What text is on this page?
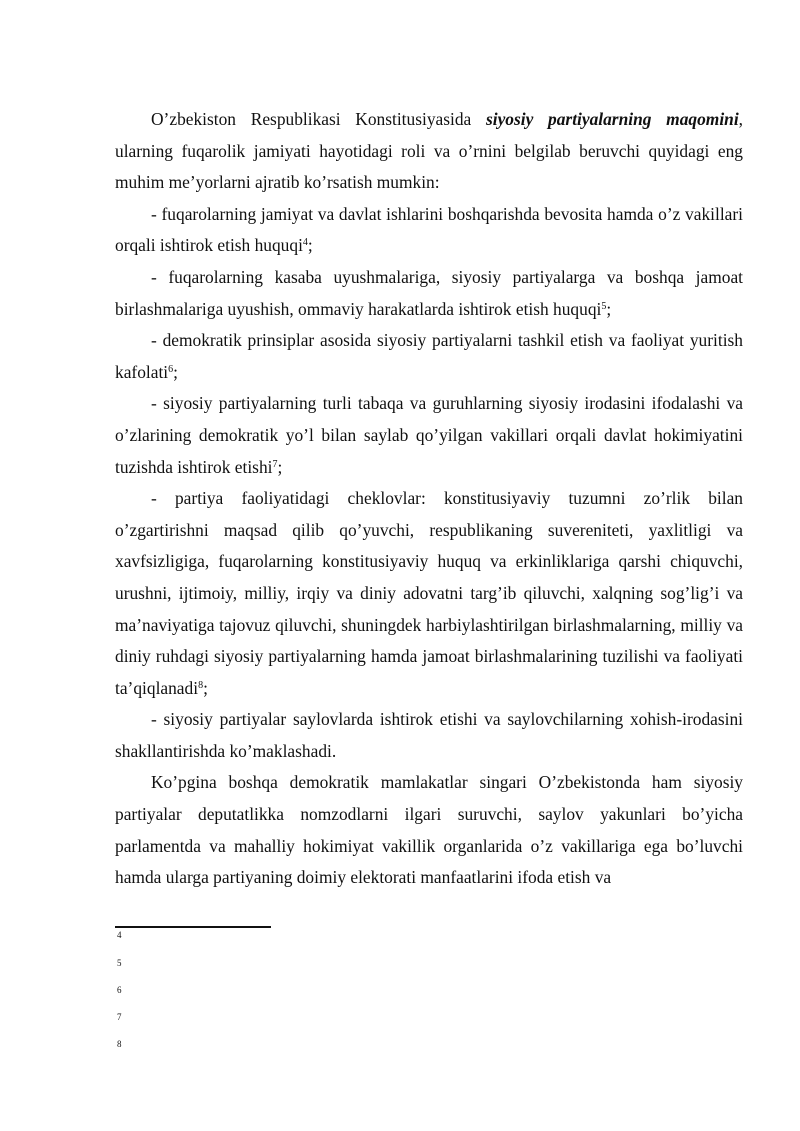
O’zbekiston Respublikasi Konstitusiyasida siyosiy partiyalarning maqomini, ularning fuqarolik jamiyati hayotidagi roli va o’rnini belgilab beruvchi quyidagi eng muhim me’yorlarni ajratib ko’rsatish mumkin:

- fuqarolarning jamiyat va davlat ishlarini boshqarishda bevosita hamda o’z vakillari orqali ishtirok etish huquqi$^4$;

- fuqarolarning kasaba uyushmalariga, siyosiy partiyalarga va boshqa jamoat birlashmalariga uyushish, ommaviy harakatlarda ishtirok etish huquqi$^5$;

- demokratik prinsiplar asosida siyosiy partiyalarni tashkil etish va faoliyat yuritish kafolati$^6$;

- siyosiy partiyalarning turli tabaqa va guruhlarning siyosiy irodasini ifodalashi va o’zlarining demokratik yo’l bilan saylab qo’yilgan vakillari orqali davlat hokimiyatini tuzishda ishtirok etishi$^7$;

- partiya faoliyatidagi cheklovlar: konstitusiyaviy tuzumni zo’rlik bilan o’zgartirishni maqsad qilib qo’yuvchi, respublikaning suvereniteti, yaxlitligi va xavfsizligiga, fuqarolarning konstitusiyaviy huquq va erkinliklariga qarshi chiquvchi, urushni, ijtimoiy, milliy, irqiy va diniy adovatni targ’ib qiluvchi, xalqning sog’lig’i va ma’naviyatiga tajovuz qiluvchi, shuningdek harbiylashtirilgan birlashmalarning, milliy va diniy ruhdagi siyosiy partiyalarning hamda jamoat birlashmalarining tuzilishi va faoliyati ta’qiqlanadi$^8$;

- siyosiy partiyalar saylovlarda ishtirok etishi va saylovchilarning xohish-irodasini shakllantirishda ko’maklashadi.

Ko’pgina boshqa demokratik mamlakatlar singari O’zbekistonda ham siyosiy partiyalar deputatlikka nomzodlarni ilgari suruvchi, saylov yakunlari bo’yicha parlamentda va mahalliy hokimiyat vakillik organlarida o’z vakillariga ega bo’luvchi hamda ularga partiyaning doimiy elektorati manfaatlarini ifoda etish va

4
5
6
7
8
